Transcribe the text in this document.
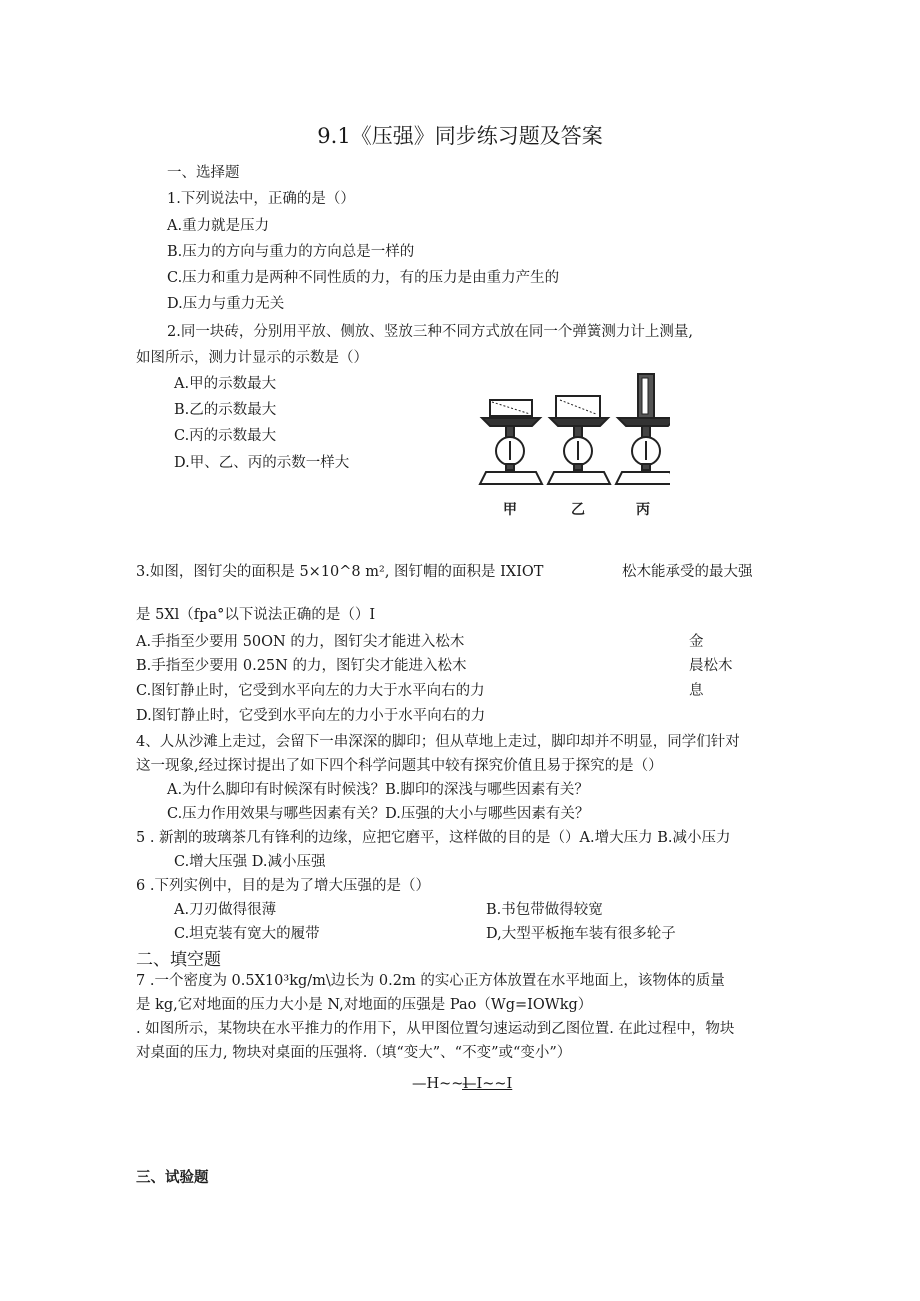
9.1《压强》同步练习题及答案
一、选择题
1.下列说法中，正确的是（）
A.重力就是压力
B.压力的方向与重力的方向总是一样的
C.压力和重力是两种不同性质的力，有的压力是由重力产生的
D.压力与重力无关
2.同一块砖，分别用平放、侧放、竖放三种不同方式放在同一个弹簧测力计上测量,
如图所示，测力计显示的示数是（）
A.甲的示数最大
B.乙的示数最大
C.丙的示数最大
D.甲、乙、丙的示数一样大
甲	乙	丙
3.如图，图钉尖的面积是 5×10^8 m², 图钉帽的面积是 IXIOT	松木能承受的最大强
是 5Xl（fpa°以下说法正确的是（）I
A.手指至少要用 50ON 的力，图钉尖才能进入松木	金
B.手指至少要用 0.25N 的力，图钉尖才能进入松木	晨松木
C.图钉静止时，它受到水平向左的力大于水平向右的力	息
D.图钉静止时，它受到水平向左的力小于水平向右的力
4、人从沙滩上走过，会留下一串深深的脚印；但从草地上走过，脚印却并不明显，同学们针对
这一现象,经过探讨提出了如下四个科学问题其中较有探究价值且易于探究的是（）
A.为什么脚印有时候深有时候浅？B.脚印的深浅与哪些因素有关？
C.压力作用效果与哪些因素有关？D.压强的大小与哪些因素有关？
5 . 新割的玻璃茶几有锋利的边缘，应把它磨平，这样做的目的是（）A.增大压力 B.减小压力
C.增大压强 D.减小压强
6 .下列实例中，目的是为了增大压强的是（）
A.刀刃做得很薄	B.书包带做得较宽
C.坦克装有宽大的履带	D,大型平板拖车装有很多轮子
二、填空题
7 .一个密度为 0.5X10³kg/m\边长为 0.2m 的实心正方体放置在水平地面上，该物体的质量
是 kg,它对地面的压力大小是 N,对地面的压强是 Pao（Wg=IOWkg）
. 如图所示，某物块在水平推力的作用下，从甲图位置匀速运动到乙图位置. 在此过程中，物块
对桌面的压力, 物块对桌面的压强将.（填“变大”、“不变”或“变小”）
—H~~l
—I~~I
三、试验题
